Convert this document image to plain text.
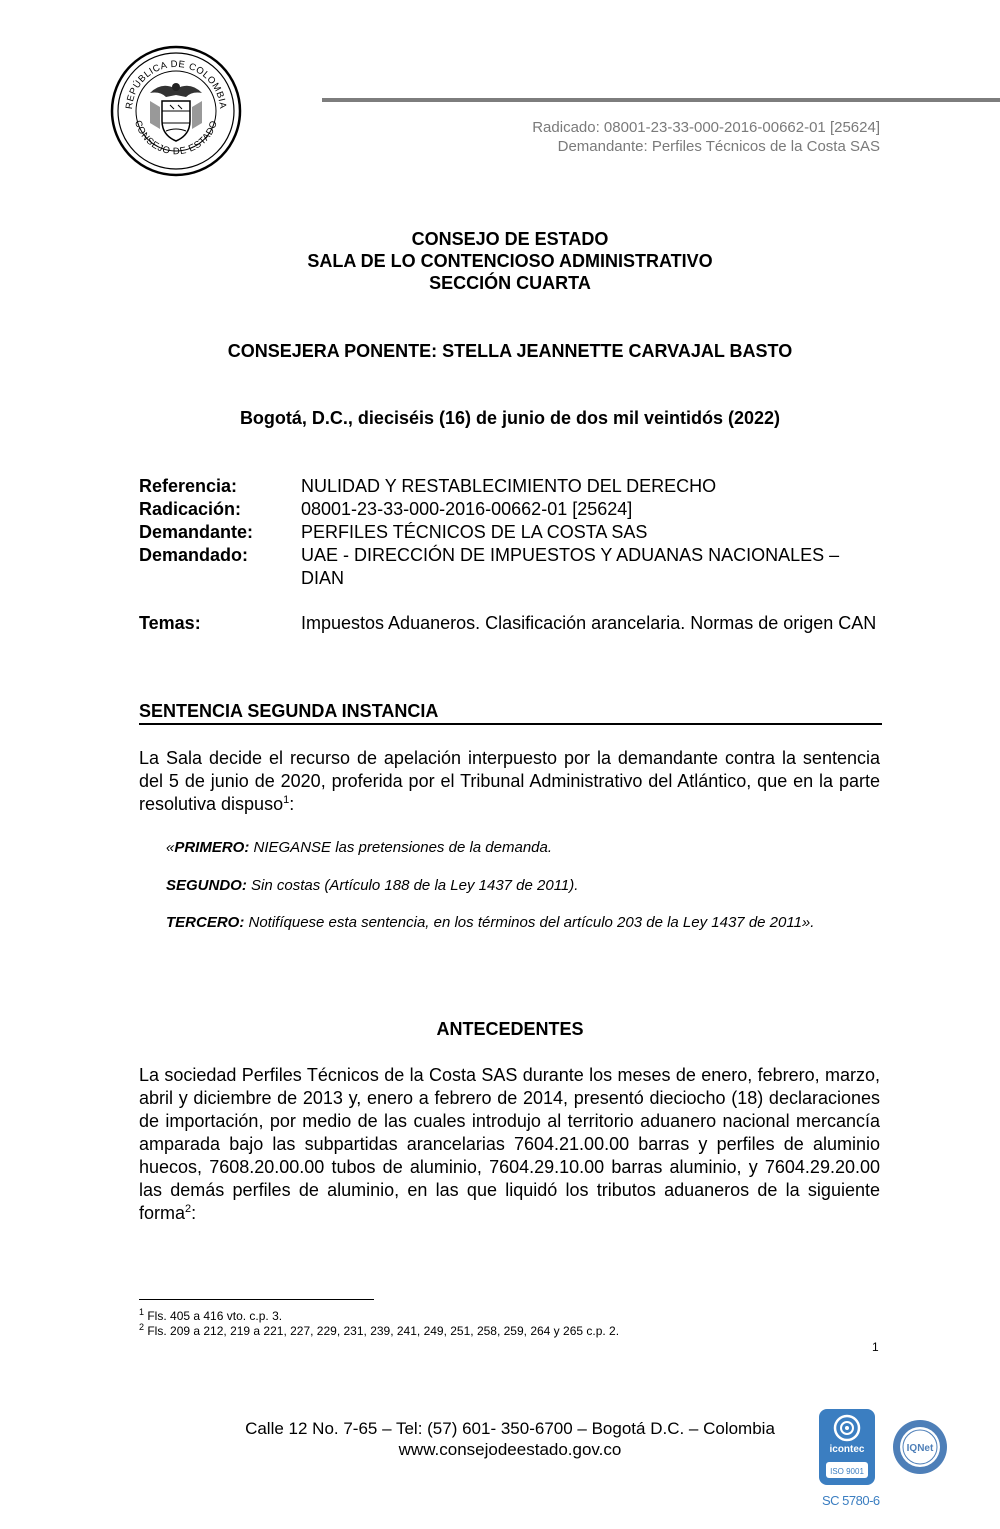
REPÚBLICA DE COLOMBIA
CONSEJO DE ESTADO	Radicado: 08001-23-33-000-2016-00662-01 [25624]
Demandante: Perfiles Técnicos de la Costa SAS
CONSEJO DE ESTADO
SALA DE LO CONTENCIOSO ADMINISTRATIVO
SECCIÓN CUARTA
CONSEJERA PONENTE: STELLA JEANNETTE CARVAJAL BASTO
Bogotá, D.C., dieciséis (16) de junio de dos mil veintidós (2022)
Referencia:	NULIDAD Y RESTABLECIMIENTO DEL DERECHO
Radicación:	08001-23-33-000-2016-00662-01 [25624]
Demandante:	PERFILES TÉCNICOS DE LA COSTA SAS
Demandado:	UAE - DIRECCIÓN DE IMPUESTOS Y ADUANAS NACIONALES – DIAN
Temas:	Impuestos Aduaneros. Clasificación arancelaria. Normas de origen CAN
SENTENCIA SEGUNDA INSTANCIA
La Sala decide el recurso de apelación interpuesto por la demandante contra la sentencia del 5 de junio de 2020, proferida por el Tribunal Administrativo del Atlántico, que en la parte resolutiva dispuso$^1$:
«PRIMERO: NIEGANSE las pretensiones de la demanda.
SEGUNDO: Sin costas (Artículo 188 de la Ley 1437 de 2011).
TERCERO: Notifíquese esta sentencia, en los términos del artículo 203 de la Ley 1437 de 2011».
ANTECEDENTES
La sociedad Perfiles Técnicos de la Costa SAS durante los meses de enero, febrero, marzo, abril y diciembre de 2013 y, enero a febrero de 2014, presentó dieciocho (18) declaraciones de importación, por medio de las cuales introdujo al territorio aduanero nacional mercancía amparada bajo las subpartidas arancelarias 7604.21.00.00 barras y perfiles de aluminio huecos, 7608.20.00.00 tubos de aluminio, 7604.29.10.00 barras aluminio, y 7604.29.20.00 las demás perfiles de aluminio, en las que liquidó los tributos aduaneros de la siguiente forma$^2$:
$^1$ Fls. 405 a 416 vto. c.p. 3.
$^2$ Fls. 209 a 212, 219 a 221, 227, 229, 231, 239, 241, 249, 251, 258, 259, 264 y 265 c.p. 2.
1
Calle 12 No. 7-65 – Tel: (57) 601- 350-6700 – Bogotá D.C. – Colombia
www.consejodeestado.gov.co	icontec
ISO 9001
IQNet
SC 5780-6
